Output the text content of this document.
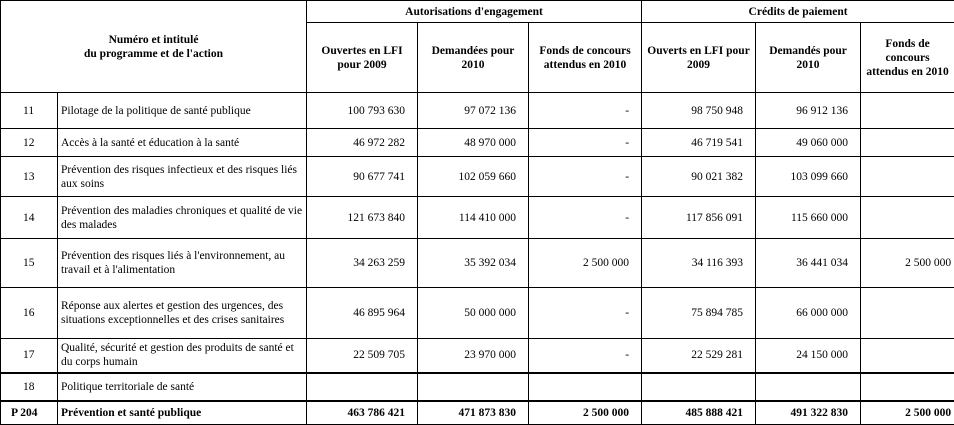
Numéro et intitulé
du programme et de l'action		Autorisations d'engagement			Crédits de paiement		
		Ouvertes en LFI pour 2009	Demandées pour 2010	Fonds de concours attendus en 2010	Ouverts en LFI pour 2009	Demandés pour 2010	Fonds de concours attendus en 2010
11	Pilotage de la politique de santé publique	100 793 630	97 072 136	-	98 750 948	96 912 136	
12	Accès à la santé et éducation à la santé	46 972 282	48 970 000	-	46 719 541	49 060 000	
13	Prévention des risques infectieux et des risques liés aux soins	90 677 741	102 059 660	-	90 021 382	103 099 660	
14	Prévention des maladies chroniques et qualité de vie des malades	121 673 840	114 410 000	-	117 856 091	115 660 000	
15	Prévention des risques liés à l'environnement, au travail et à l'alimentation	34 263 259	35 392 034	2 500 000	34 116 393	36 441 034	2 500 000
16	Réponse aux alertes et gestion des urgences, des situations exceptionnelles et des crises sanitaires	46 895 964	50 000 000	-	75 894 785	66 000 000	
17	Qualité, sécurité et gestion des produits de santé et du corps humain	22 509 705	23 970 000	-	22 529 281	24 150 000	
18	Politique territoriale de santé						
P 204	Prévention et santé publique	463 786 421	471 873 830	2 500 000	485 888 421	491 322 830	2 500 000
